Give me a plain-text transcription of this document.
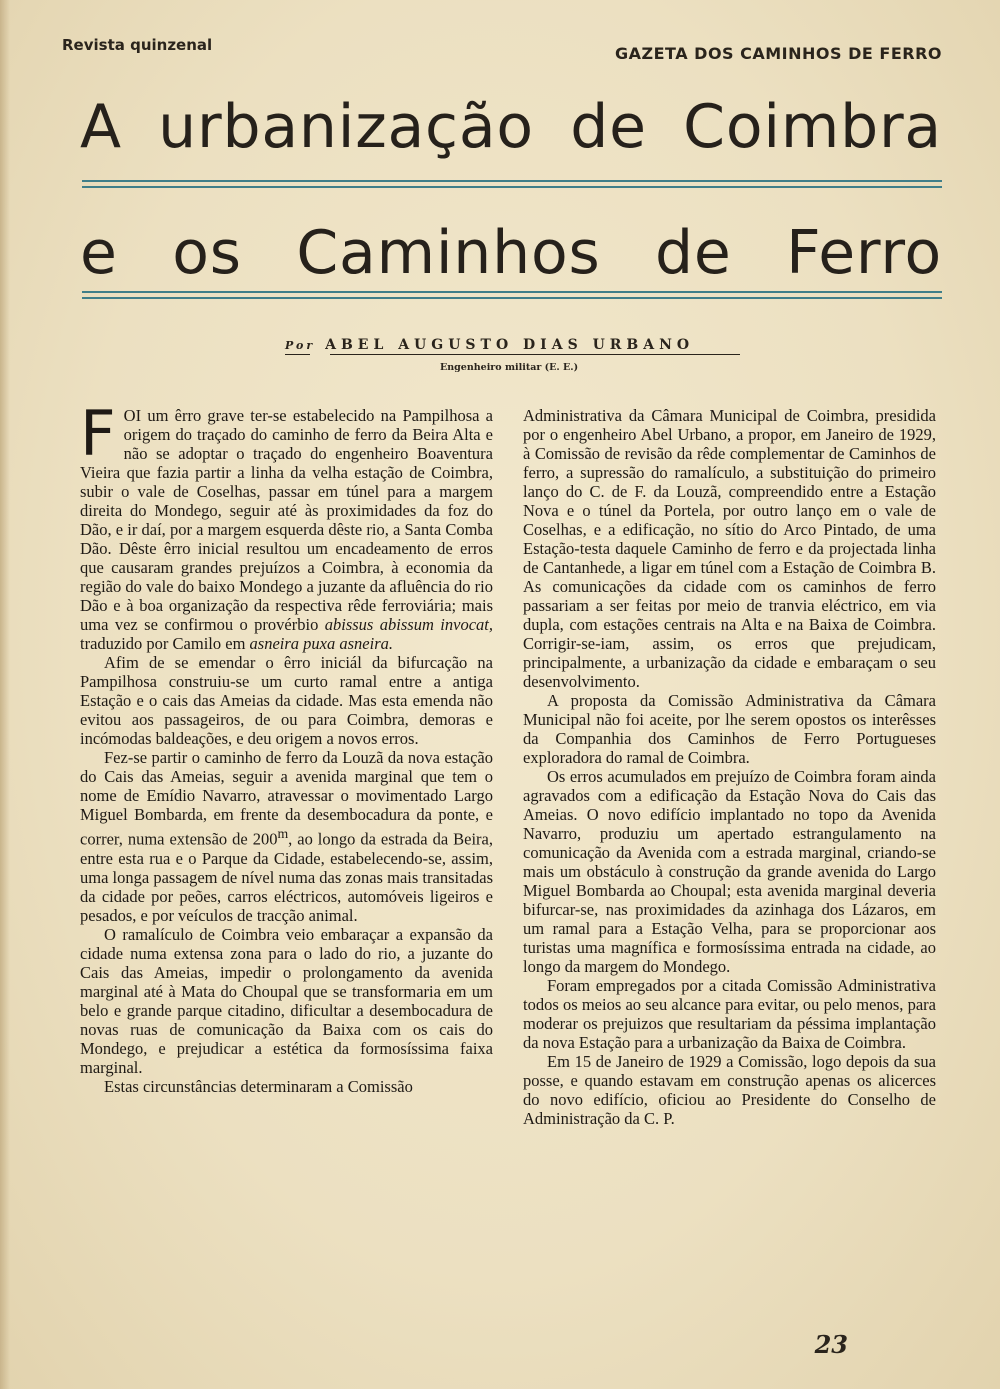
Revista quinzenal	GAZETA DOS CAMINHOS DE FERRO
A urbanização de Coimbra
e os Caminhos de Ferro
Por ABEL AUGUSTO DIAS URBANO
Engenheiro militar (E. E.)

FOI um êrro grave ter-se estabelecido na Pampilhosa a origem do traçado do caminho de ferro da Beira Alta e não se adoptar o traçado do engenheiro Boaventura Vieira que fazia partir a linha da velha estação de Coimbra, subir o vale de Coselhas, passar em túnel para a margem direita do Mondego, seguir até às proximidades da foz do Dão, e ir daí, por a margem esquerda dêste rio, a Santa Comba Dão. Dêste êrro inicial resultou um encadeamento de erros que causaram grandes prejuízos a Coimbra, à economia da região do vale do baixo Mondego a juzante da afluência do rio Dão e à boa organização da respectiva rêde ferroviária; mais uma vez se confirmou o provérbio abissus abissum invocat, traduzido por Camilo em asneira puxa asneira.

Afim de se emendar o êrro iniciál da bifurcação na Pampilhosa construiu-se um curto ramal entre a antiga Estação e o cais das Ameias da cidade. Mas esta emenda não evitou aos passageiros, de ou para Coimbra, demoras e incómodas baldeações, e deu origem a novos erros.

Fez-se partir o caminho de ferro da Louzã da nova estação do Cais das Ameias, seguir a avenida marginal que tem o nome de Emídio Navarro, atravessar o movimentado Largo Miguel Bombarda, em frente da desembocadura da ponte, e correr, numa extensão de 200$^m$, ao longo da estrada da Beira, entre esta rua e o Parque da Cidade, estabelecendo-se, assim, uma longa passagem de nível numa das zonas mais transitadas da cidade por peões, carros eléctricos, automóveis ligeiros e pesados, e por veículos de tracção animal.

O ramalículo de Coimbra veio embaraçar a expansão da cidade numa extensa zona para o lado do rio, a juzante do Cais das Ameias, impedir o prolongamento da avenida marginal até à Mata do Choupal que se transformaria em um belo e grande parque citadino, dificultar a desembocadura de novas ruas de comunicação da Baixa com os cais do Mondego, e prejudicar a estética da formosíssima faixa marginal.

Estas circunstâncias determinaram a Comissão

Administrativa da Câmara Municipal de Coimbra, presidida por o engenheiro Abel Urbano, a propor, em Janeiro de 1929, à Comissão de revisão da rêde complementar de Caminhos de ferro, a supressão do ramalículo, a substituição do primeiro lanço do C. de F. da Louzã, compreendido entre a Estação Nova e o túnel da Portela, por outro lanço em o vale de Coselhas, e a edificação, no sítio do Arco Pintado, de uma Estação-testa daquele Caminho de ferro e da projectada linha de Cantanhede, a ligar em túnel com a Estação de Coimbra B. As comunicações da cidade com os caminhos de ferro passariam a ser feitas por meio de tranvia eléctrico, em via dupla, com estações centrais na Alta e na Baixa de Coimbra. Corrigir-se-iam, assim, os erros que prejudicam, principalmente, a urbanização da cidade e embaraçam o seu desenvolvimento.

A proposta da Comissão Administrativa da Câmara Municipal não foi aceite, por lhe serem opostos os interêsses da Companhia dos Caminhos de Ferro Portugueses exploradora do ramal de Coimbra.

Os erros acumulados em prejuízo de Coimbra foram ainda agravados com a edificação da Estação Nova do Cais das Ameias. O novo edifício implantado no topo da Avenida Navarro, produziu um apertado estrangulamento na comunicação da Avenida com a estrada marginal, criando-se mais um obstáculo à construção da grande avenida do Largo Miguel Bombarda ao Choupal; esta avenida marginal deveria bifurcar-se, nas proximidades da azinhaga dos Lázaros, em um ramal para a Estação Velha, para se proporcionar aos turistas uma magnífica e formosíssima entrada na cidade, ao longo da margem do Mondego.

Foram empregados por a citada Comissão Administrativa todos os meios ao seu alcance para evitar, ou pelo menos, para moderar os prejuizos que resultariam da péssima implantação da nova Estação para a urbanização da Baixa de Coimbra.

Em 15 de Janeiro de 1929 a Comissão, logo depois da sua posse, e quando estavam em construção apenas os alicerces do novo edifício, oficiou ao Presidente do Conselho de Administração da C. P.

23
